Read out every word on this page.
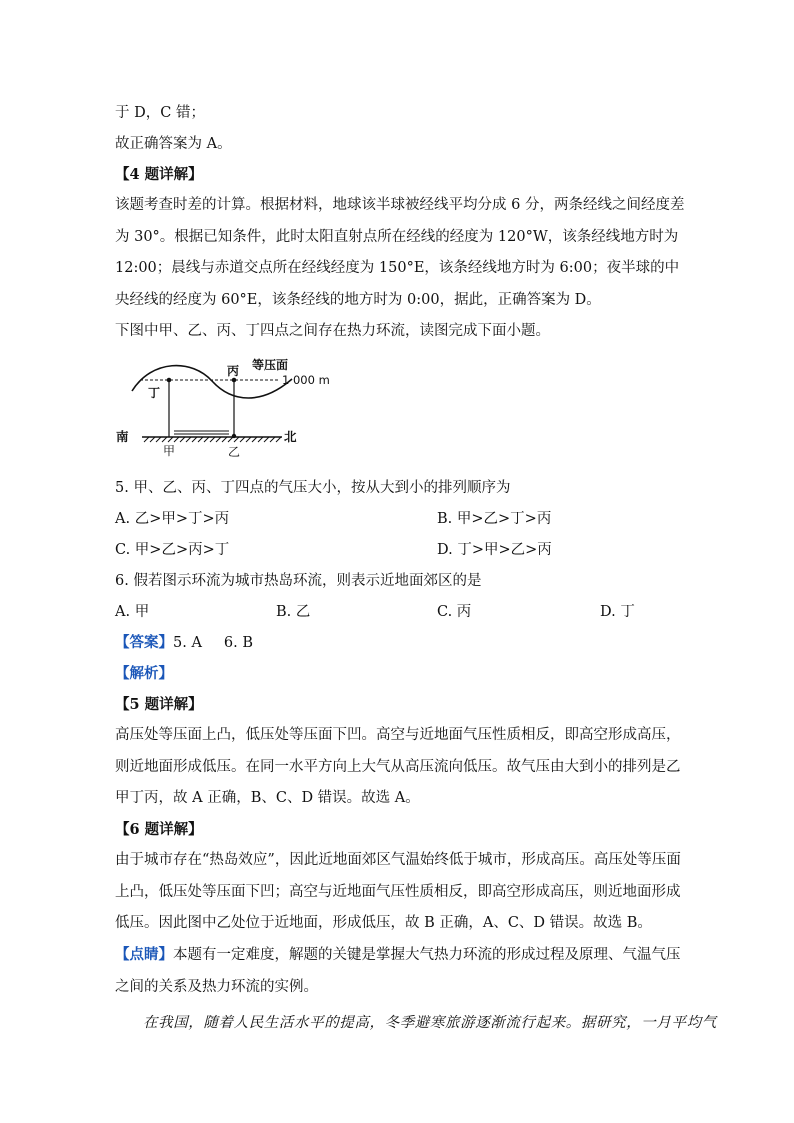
于 D，C 错；
故正确答案为 A。
【4 题详解】
该题考查时差的计算。根据材料，地球该半球被经线平均分成 6 分，两条经线之间经度差为 30°。根据已知条件，此时太阳直射点所在经线的经度为 120°W，该条经线地方时为 12:00；晨线与赤道交点所在经线经度为 150°E，该条经线地方时为 6:00；夜半球的中央经线的经度为 60°E，该条经线的地方时为 0:00，据此，正确答案为 D。
下图中甲、乙、丙、丁四点之间存在热力环流，读图完成下面小题。
等压面
1 000 m
丙
丁
南	北
甲	乙
5. 甲、乙、丙、丁四点的气压大小，按从大到小的排列顺序为
A. 乙>甲>丁>丙	B. 甲>乙>丁>丙
C. 甲>乙>丙>丁	D. 丁>甲>乙>丙
6. 假若图示环流为城市热岛环流，则表示近地面郊区的是
A. 甲	B. 乙	C. 丙	D. 丁
【答案】5. A 6. B
【解析】
【5 题详解】
高压处等压面上凸，低压处等压面下凹。高空与近地面气压性质相反，即高空形成高压，则近地面形成低压。在同一水平方向上大气从高压流向低压。故气压由大到小的排列是乙甲丁丙，故 A 正确，B、C、D 错误。故选 A。
【6 题详解】
由于城市存在“热岛效应”，因此近地面郊区气温始终低于城市，形成高压。高压处等压面上凸，低压处等压面下凹；高空与近地面气压性质相反，即高空形成高压，则近地面形成低压。因此图中乙处位于近地面，形成低压，故 B 正确，A、C、D 错误。故选 B。
【点睛】本题有一定难度，解题的关键是掌握大气热力环流的形成过程及原理、气温气压之间的关系及热力环流的实例。
在我国，随着人民生活水平的提高，冬季避寒旅游逐渐流行起来。据研究，一月平均气
